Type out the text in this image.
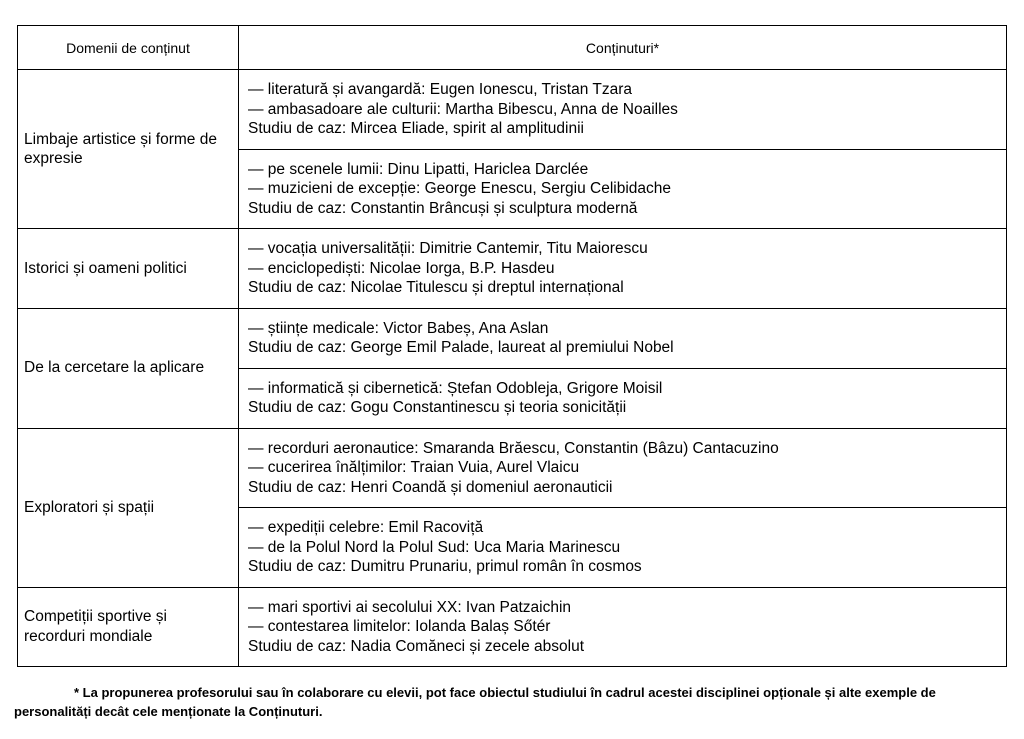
Domenii de conținut	Conținuturi*
Limbaje artistice și forme de expresie	— literatură și avangardă: Eugen Ionescu, Tristan Tzara
— ambasadoare ale culturii: Martha Bibescu, Anna de Noailles
Studiu de caz: Mircea Eliade, spirit al amplitudinii

	— pe scenele lumii: Dinu Lipatti, Hariclea Darclée
— muzicieni de excepție: George Enescu, Sergiu Celibidache
Studiu de caz: Constantin Brâncuși și sculptura modernă

Istorici și oameni politici	— vocația universalității: Dimitrie Cantemir, Titu Maiorescu
— enciclopediști: Nicolae Iorga, B.P. Hasdeu
Studiu de caz: Nicolae Titulescu și dreptul internațional

De la cercetare la aplicare	— științe medicale: Victor Babeș, Ana Aslan
Studiu de caz: George Emil Palade, laureat al premiului Nobel

	— informatică și cibernetică: Ștefan Odobleja, Grigore Moisil
Studiu de caz: Gogu Constantinescu și teoria sonicității

Exploratori și spații	— recorduri aeronautice: Smaranda Brăescu, Constantin (Bâzu) Cantacuzino
— cucerirea înălțimilor: Traian Vuia, Aurel Vlaicu
Studiu de caz: Henri Coandă și domeniul aeronauticii

	— expediții celebre: Emil Racoviță
— de la Polul Nord la Polul Sud: Uca Maria Marinescu
Studiu de caz: Dumitru Prunariu, primul român în cosmos

Competiții sportive și recorduri mondiale	— mari sportivi ai secolului XX: Ivan Patzaichin
— contestarea limitelor: Iolanda Balaș Sőtér
Studiu de caz: Nadia Comăneci și zecele absolut

* La propunerea profesorului sau în colaborare cu elevii, pot face obiectul studiului în cadrul acestei disciplinei opționale și alte exemple de personalități decât cele menționate la Conținuturi.
